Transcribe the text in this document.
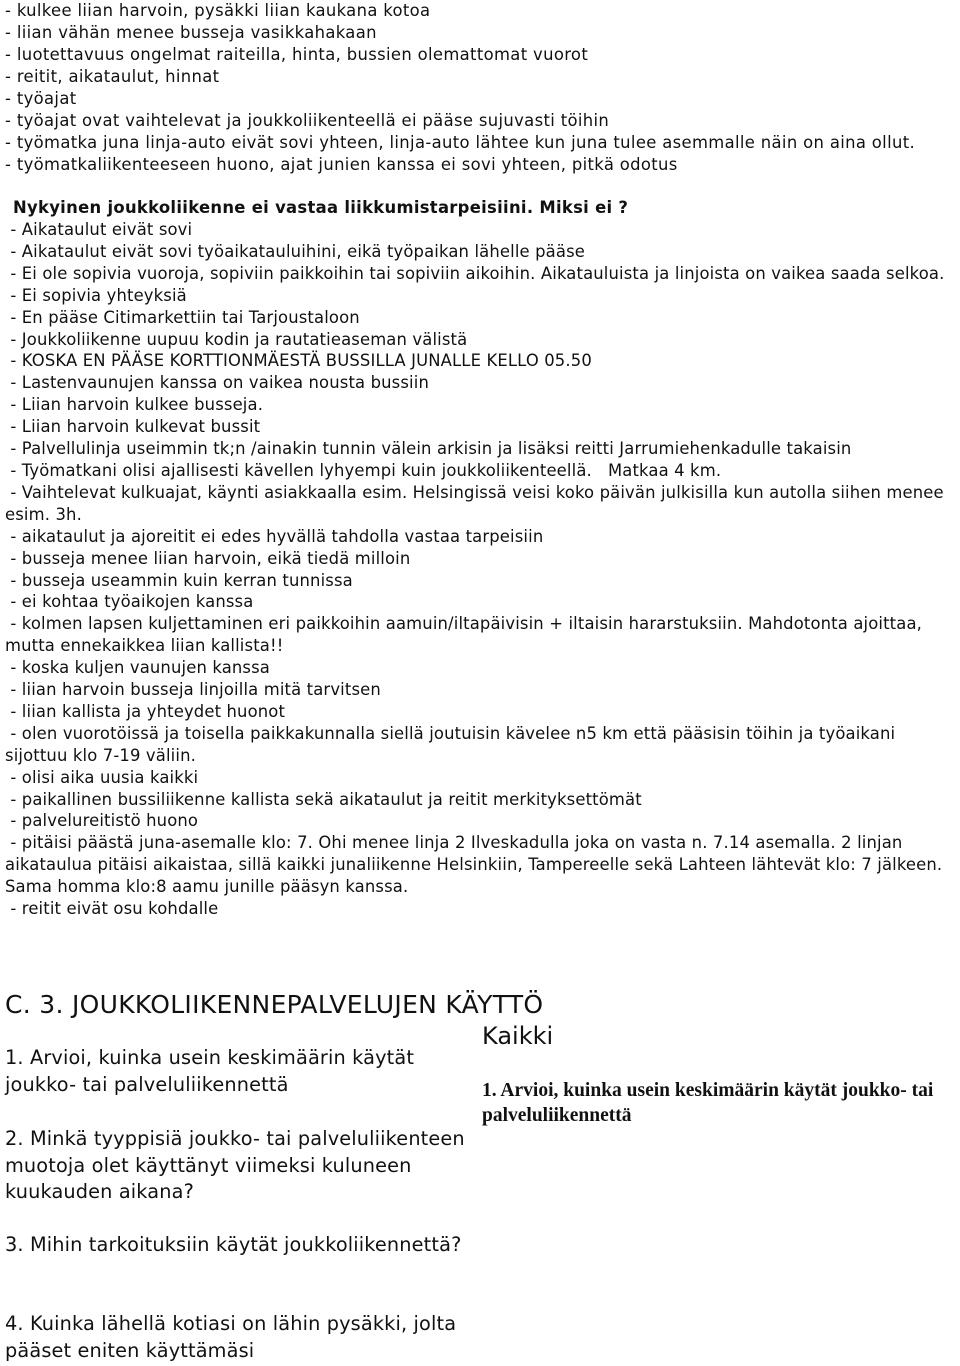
- kulkee liian harvoin, pysäkki liian kaukana kotoa
- liian vähän menee busseja vasikkahakaan
- luotettavuus ongelmat raiteilla, hinta, bussien olemattomat vuorot
- reitit, aikataulut, hinnat
- työajat
- työajat ovat vaihtelevat ja joukkoliikenteellä ei pääse sujuvasti töihin
- työmatka juna linja-auto eivät sovi yhteen, linja-auto lähtee kun juna tulee asemmalle näin on aina ollut.
- työmatkaliikenteeseen huono, ajat junien kanssa ei sovi yhteen, pitkä odotus
Nykyinen joukkoliikenne ei vastaa liikkumistarpeisiini. Miksi ei ?
- Aikataulut eivät sovi
- Aikataulut eivät sovi työaikatauluihini, eikä työpaikan lähelle pääse
- Ei ole sopivia vuoroja, sopiviin paikkoihin tai sopiviin aikoihin. Aikatauluista ja linjoista on vaikea saada selkoa.
- Ei sopivia yhteyksiä
- En pääse Citimarkettiin tai Tarjoustaloon
- Joukkoliikenne uupuu kodin ja rautatieaseman välistä
- KOSKA EN PÄÄSE KORTTIONMÄESTÄ BUSSILLA JUNALLE KELLO 05.50
- Lastenvaunujen kanssa on vaikea nousta bussiin
- Liian harvoin kulkee busseja.
- Liian harvoin kulkevat bussit
- Palvellulinja useimmin tk;n /ainakin tunnin välein arkisin ja lisäksi reitti Jarrumiehenkadulle takaisin
- Työmatkani olisi ajallisesti kävellen lyhyempi kuin joukkoliikenteellä.   Matkaa 4 km.
- Vaihtelevat kulkuajat, käynti asiakkaalla esim. Helsingissä veisi koko päivän julkisilla kun autolla siihen menee esim. 3h.
- aikataulut ja ajoreitit ei edes hyvällä tahdolla vastaa tarpeisiin
- busseja menee liian harvoin, eikä tiedä milloin
- busseja useammin kuin kerran tunnissa
- ei kohtaa työaikojen kanssa
- kolmen lapsen kuljettaminen eri paikkoihin aamuin/iltapäivisin + iltaisin hararstuksiin. Mahdotonta ajoittaa, mutta ennekaikkea liian kallista!!
- koska kuljen vaunujen kanssa
- liian harvoin busseja linjoilla mitä tarvitsen
- liian kallista ja yhteydet huonot
- olen vuorotöissä ja toisella paikkakunnalla siellä joutuisin kävelee n5 km että pääsisin töihin ja työaikani sijottuu klo 7-19 väliin.
- olisi aika uusia kaikki
- paikallinen bussiliikenne kallista sekä aikataulut ja reitit merkityksettömät
- palvelureitistö huono
- pitäisi päästä juna-asemalle klo: 7. Ohi menee linja 2 Ilveskadulla joka on vasta n. 7.14 asemalla. 2 linjan aikataulua pitäisi aikaistaa, sillä kaikki junaliikenne Helsinkiin, Tampereelle sekä Lahteen lähtevät klo: 7 jälkeen. Sama homma klo:8 aamu junille pääsyn kanssa.
- reitit eivät osu kohdalle
C. 3. JOUKKOLIIKENNEPALVELUJEN KÄYTTÖ
Kaikki
1. Arvioi, kuinka usein keskimäärin käytät joukko- tai palveluliikennettä
1. Arvioi, kuinka usein keskimäärin käytät joukko- tai palveluliikennettä
2. Minkä tyyppisiä joukko- tai palveluliikenteen muotoja olet käyttänyt viimeksi kuluneen kuukauden aikana?
3. Mihin tarkoituksiin käytät joukkoliikennettä?
4. Kuinka lähellä kotiasi on lähin pysäkki, jolta pääset eniten käyttämäsi
